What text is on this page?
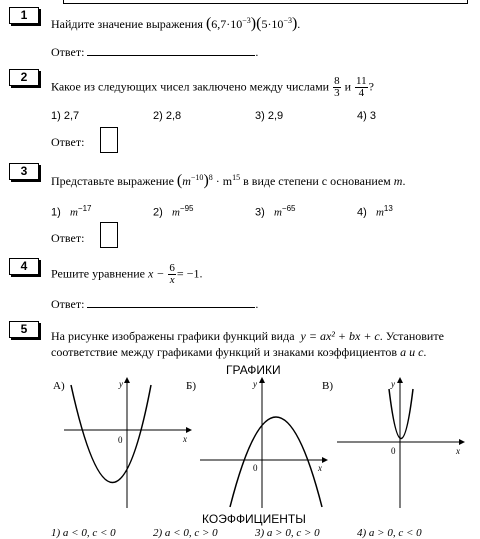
1
Найдите значение выражения $(6,7\cdot 10^{-3})(5\cdot 10^{-3})$.
Ответ:	.
2
Какое из следующих чисел заключено между числами $\frac{8}{3}$ и $\frac{11}{4}$ ?
1) 2,7	2) 2,8	3) 2,9	4) 3
Ответ:
3
Представьте выражение $(m^{-10})^8 \cdot m^{15}$ в виде степени с основанием m.
1) $m^{-17}$	2) $m^{-95}$	3) $m^{-65}$	4) $m^{13}$
Ответ:
4
Решите уравнение $x - \frac{6}{x}= -1$.
Ответ:	.
5	На рисунке изображены графики функций вида y = ax² + bx + c. Установите
соответствие между графиками функций и знаками коэффициентов a и c.
ГРАФИКИ
А)	Б)	В)
0
y
x
0
y
x
0
y
x
КОЭФФИЦИЕНТЫ
1) a < 0, c < 0	2) a < 0, c > 0	3) a > 0, c > 0	4) a > 0, c < 0
